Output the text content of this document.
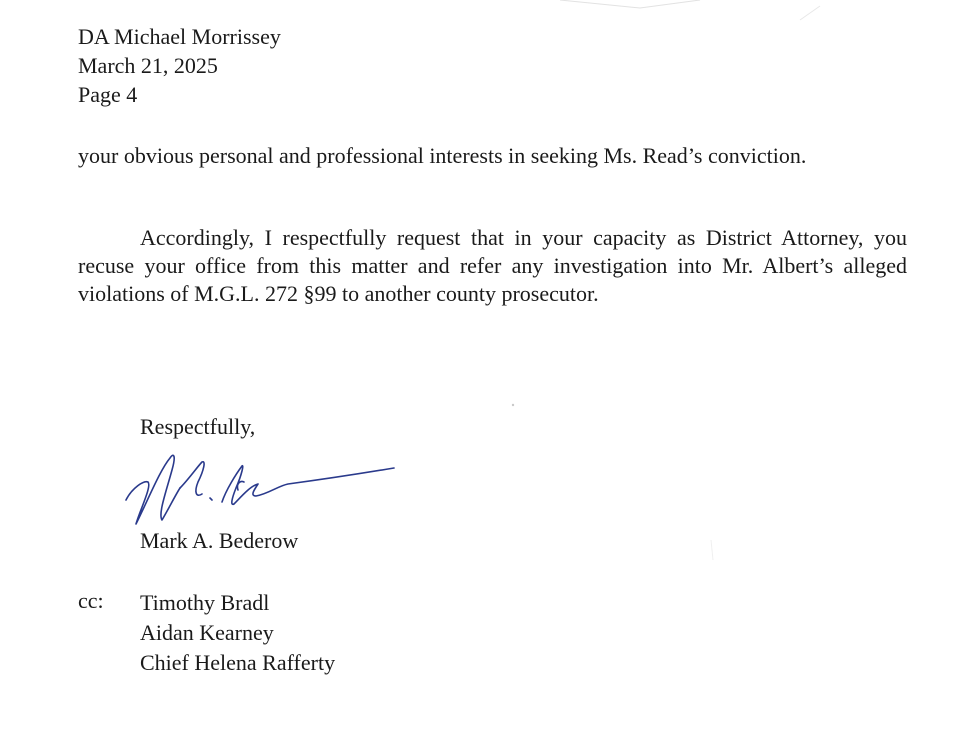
DA Michael Morrissey
March 21, 2025
Page 4
your obvious personal and professional interests in seeking Ms. Read’s conviction.
Accordingly, I respectfully request that in your capacity as District Attorney, you recuse your office from this matter and refer any investigation into Mr. Albert’s alleged violations of M.G.L. 272 §99 to another county prosecutor.
Respectfully,
Mark A. Bederow
cc: Timothy Bradl
Aidan Kearney
Chief Helena Rafferty
